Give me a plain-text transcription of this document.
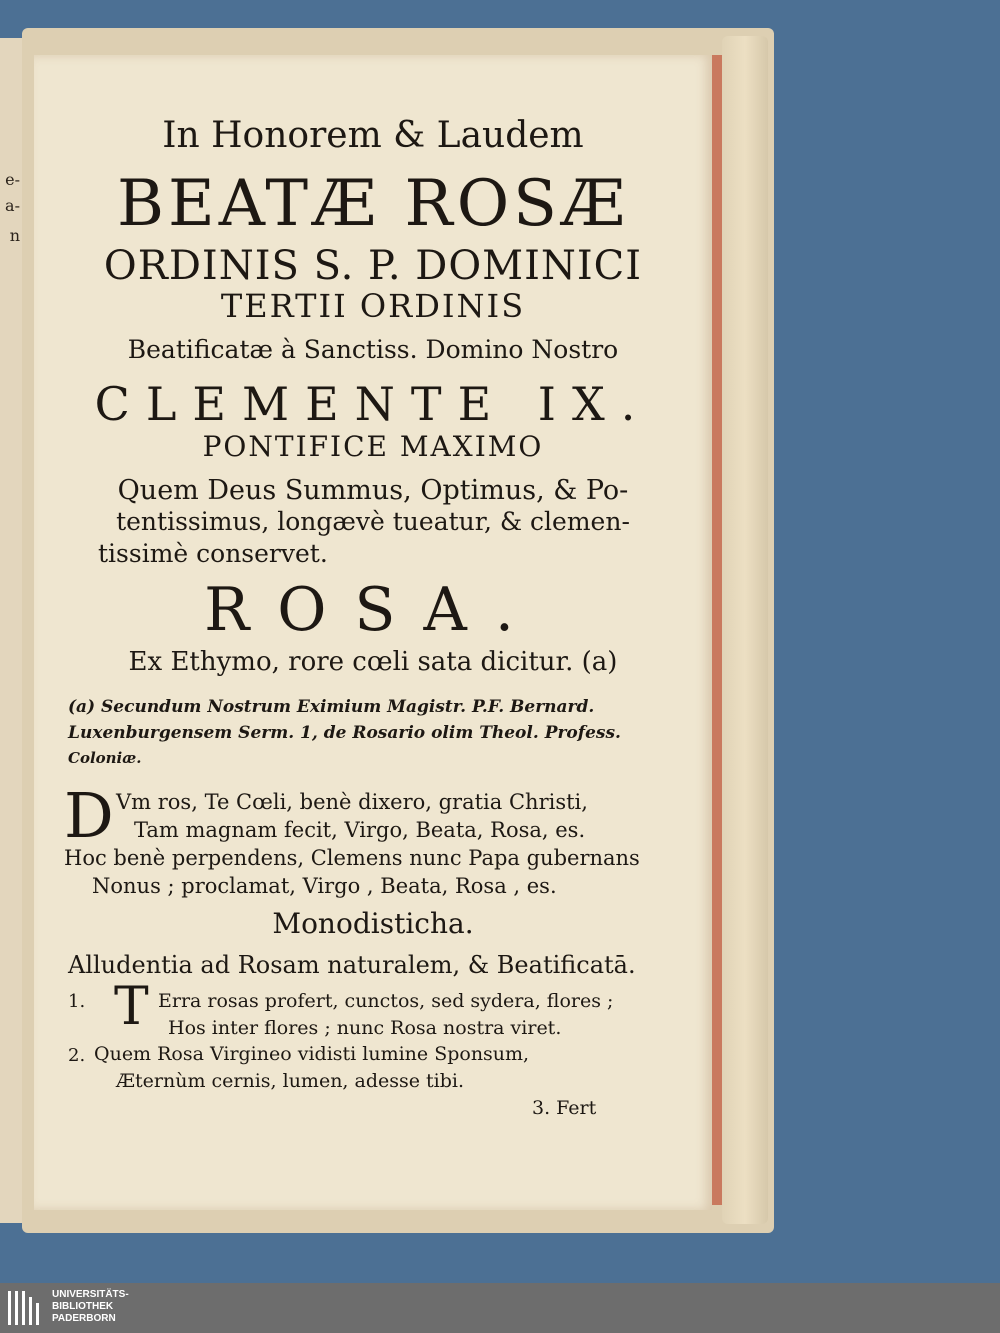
e-
a-
n
In Honorem & Laudem
BEATÆ ROSÆ
ORDINIS S. P. DOMINICI
TERTII ORDINIS
Beatificatæ à Sanctiss. Domino Nostro
CLEMENTE IX.
PONTIFICE MAXIMO
Quem Deus Summus, Optimus, & Po-
tentissimus, longævè tueatur, & clemen-
tissimè conservet.
ROSA.
Ex Ethymo, rore cœli sata dicitur. (a)
(a) Secundum Nostrum Eximium Magistr. P.F. Bernard.
Luxenburgensem Serm. 1, de Rosario olim Theol. Profess.
Coloniæ.
D Vm ros, Te Cœli, benè dixero, gratia Christi,
Tam magnam fecit, Virgo, Beata, Rosa, es.
Hoc benè perpendens, Clemens nunc Papa gubernans
Nonus ; proclamat, Virgo , Beata, Rosa , es.
Monodisticha.
Alludentia ad Rosam naturalem, & Beatificatā.
1. T Erra rosas profert, cunctos, sed sydera, flores ;
Hos inter flores ; nunc Rosa nostra viret.
2. Quem Rosa Virgineo vidisti lumine Sponsum,
Æternùm cernis, lumen, adesse tibi.
3. Fert
UNIVERSITÄTS-
BIBLIOTHEK
PADERBORN
